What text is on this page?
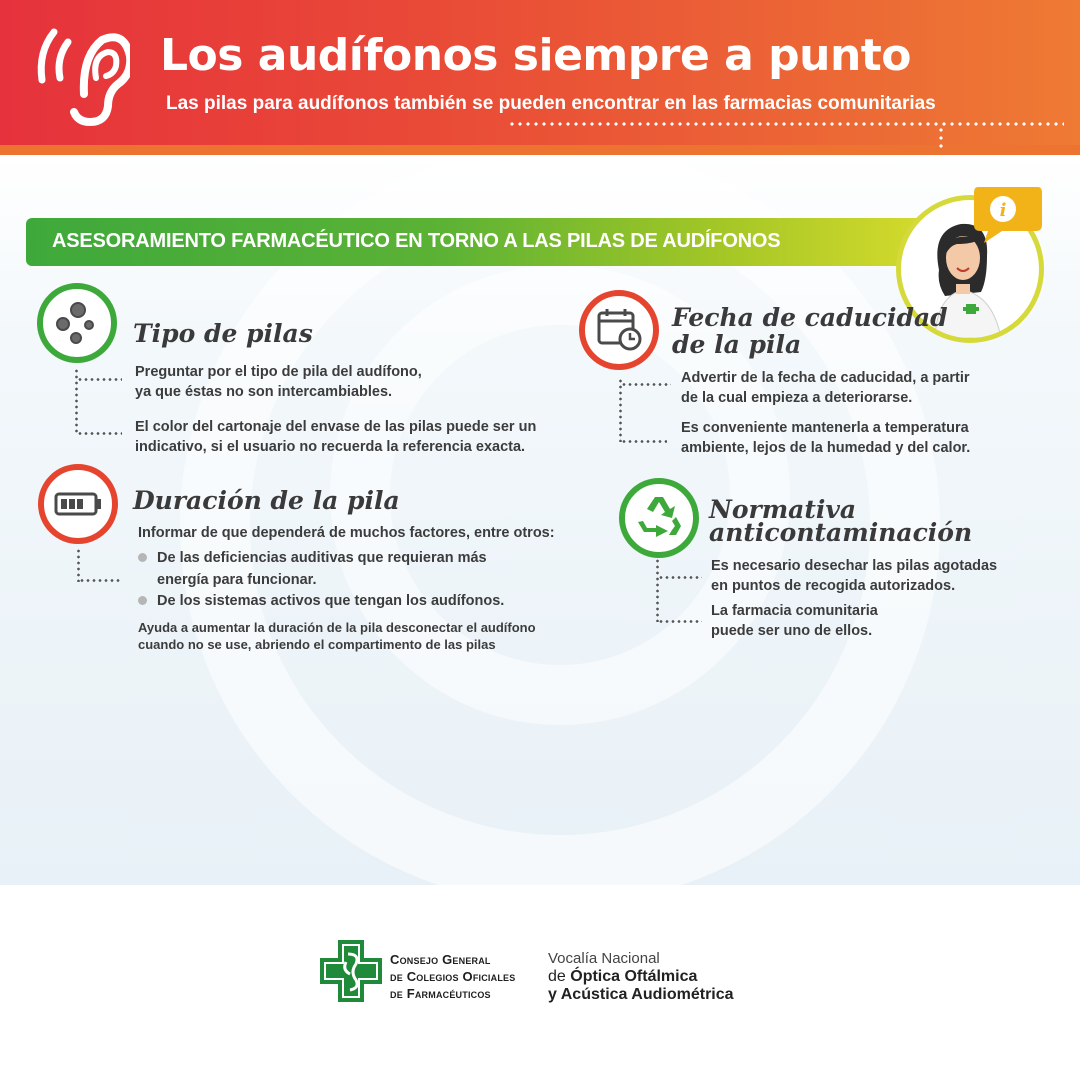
Los audífonos siempre a punto
Las pilas para audífonos también se pueden encontrar en las farmacias comunitarias
ASESORAMIENTO FARMACÉUTICO EN TORNO A LAS PILAS DE AUDÍFONOS
i
Tipo de pilas
Preguntar por el tipo de pila del audífono,
ya que éstas no son intercambiables.
El color del cartonaje del envase de las pilas puede ser un
indicativo, si el usuario no recuerda la referencia exacta.
Fecha de caducidad
de la pila
Advertir de la fecha de caducidad, a partir
de la cual empieza a deteriorarse.
Es conveniente mantenerla a temperatura
ambiente, lejos de la humedad y del calor.
Duración de la pila
Informar de que dependerá de muchos factores, entre otros:
De las deficiencias auditivas que requieran más
energía para funcionar.
De los sistemas activos que tengan los audífonos.
Ayuda a aumentar la duración de la pila desconectar el audífono
cuando no se use, abriendo el compartimento de las pilas
Normativa
anticontaminación
Es necesario desechar las pilas agotadas
en puntos de recogida autorizados.
La farmacia comunitaria
puede ser uno de ellos.
Consejo General
de Colegios Oficiales
de Farmacéuticos
Vocalía Nacional
de Óptica Oftálmica
y Acústica Audiométrica
